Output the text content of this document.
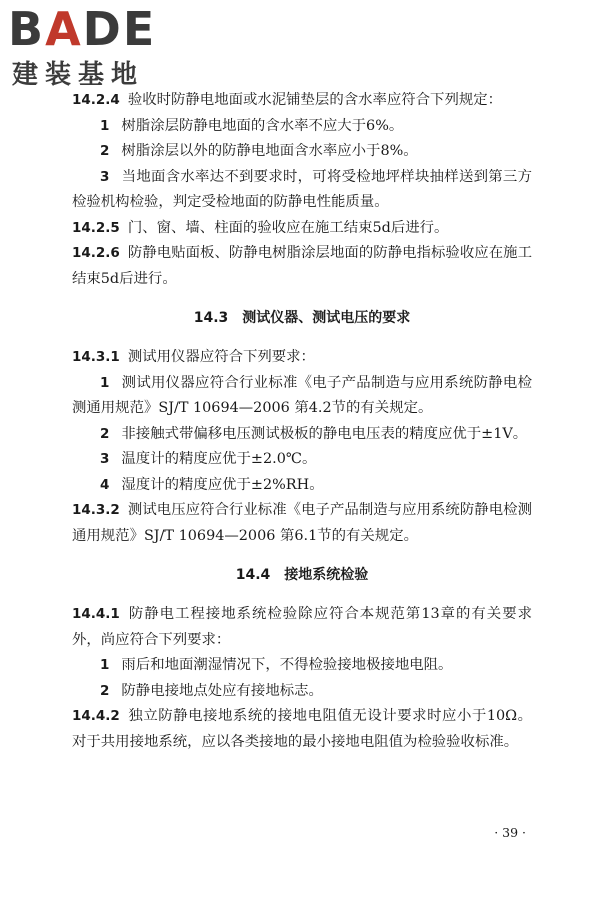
BADE
建装基地

14.2.4 验收时防静电地面或水泥铺垫层的含水率应符合下列规定：

1 树脂涂层防静电地面的含水率不应大于6%。

2 树脂涂层以外的防静电地面含水率应小于8%。

3 当地面含水率达不到要求时，可将受检地坪样块抽样送到第三方检验机构检验，判定受检地面的防静电性能质量。

14.2.5 门、窗、墙、柱面的验收应在施工结束5d后进行。

14.2.6 防静电贴面板、防静电树脂涂层地面的防静电指标验收应在施工结束5d后进行。

14.3 测试仪器、测试电压的要求

14.3.1 测试用仪器应符合下列要求：

1 测试用仪器应符合行业标准《电子产品制造与应用系统防静电检测通用规范》SJ/T 10694—2006 第4.2节的有关规定。

2 非接触式带偏移电压测试极板的静电电压表的精度应优于±1V。

3 温度计的精度应优于±2.0℃。

4 湿度计的精度应优于±2%RH。

14.3.2 测试电压应符合行业标准《电子产品制造与应用系统防静电检测通用规范》SJ/T 10694—2006 第6.1节的有关规定。

14.4 接地系统检验

14.4.1 防静电工程接地系统检验除应符合本规范第13章的有关要求外，尚应符合下列要求：

1 雨后和地面潮湿情况下，不得检验接地极接地电阻。

2 防静电接地点处应有接地标志。

14.4.2 独立防静电接地系统的接地电阻值无设计要求时应小于10Ω。对于共用接地系统，应以各类接地的最小接地电阻值为检验验收标准。

· 39 ·
